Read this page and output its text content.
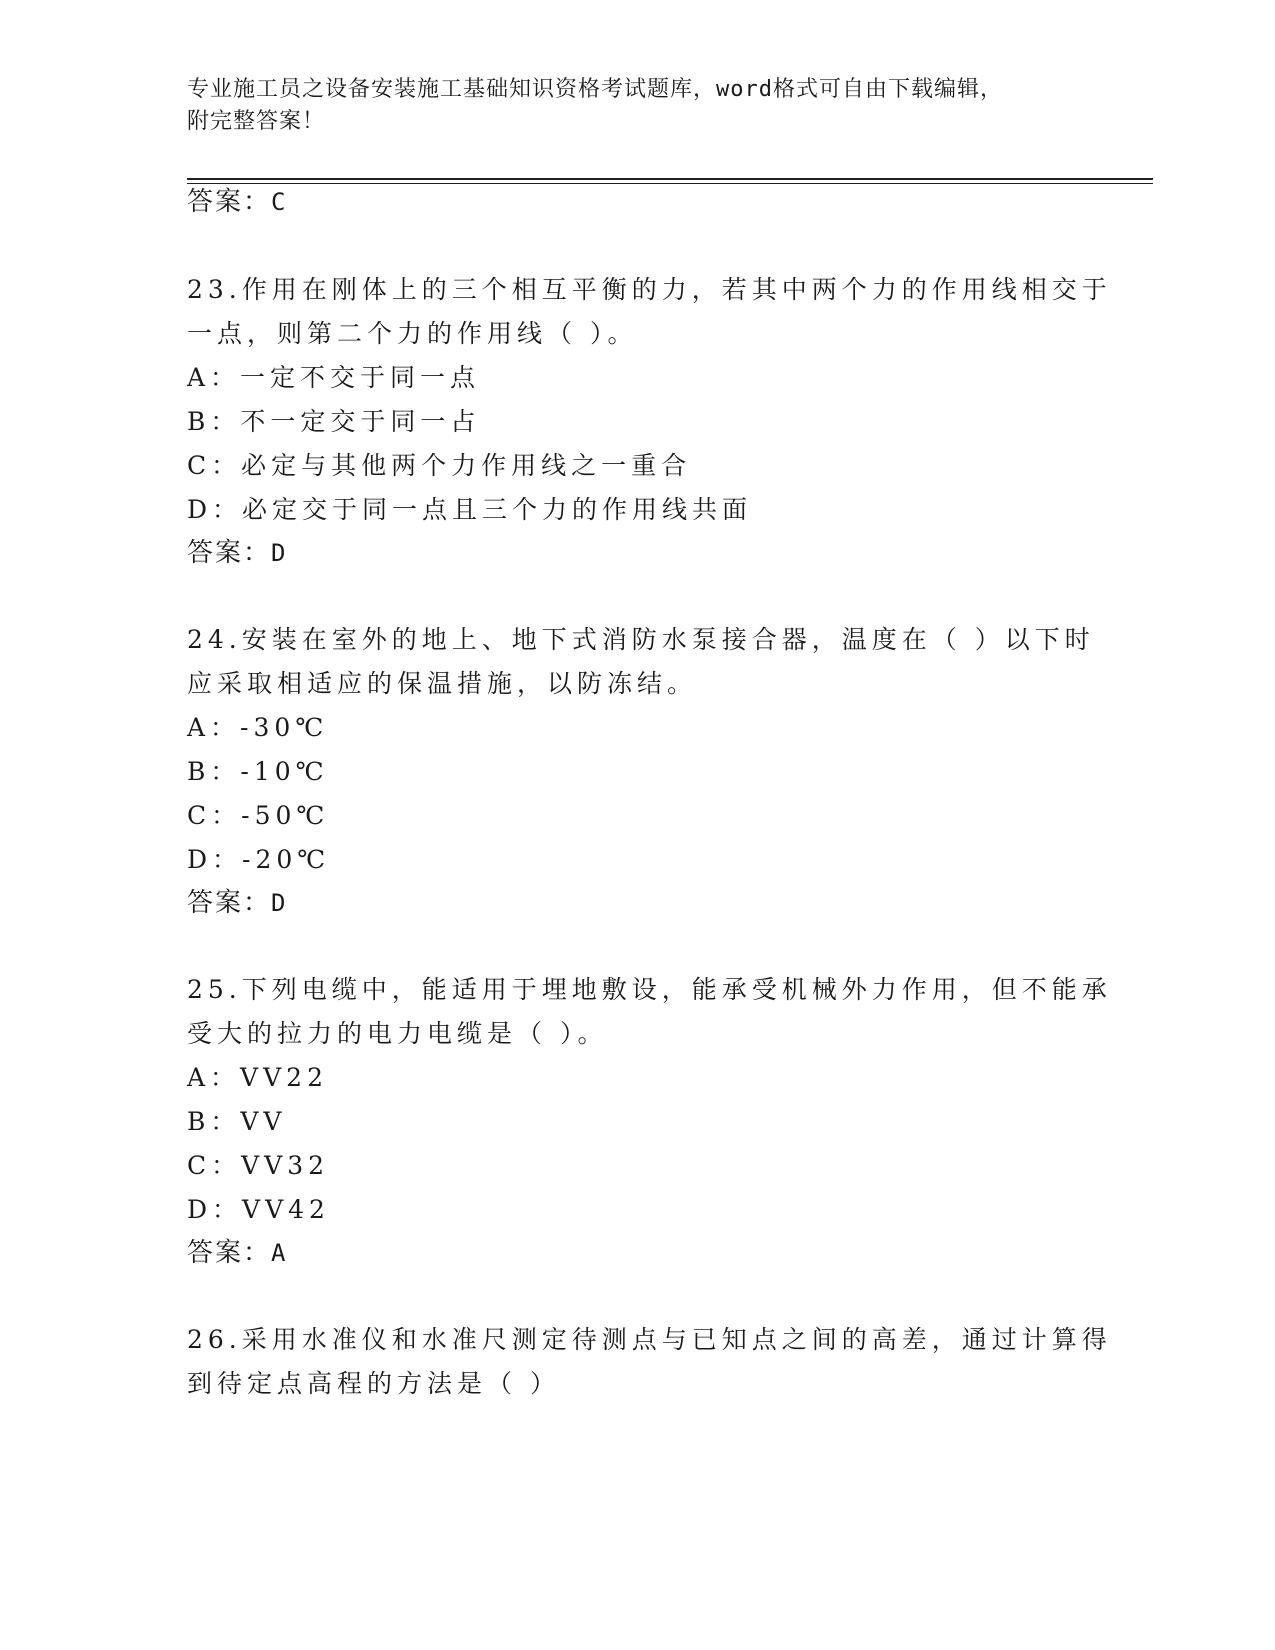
专业施工员之设备安装施工基础知识资格考试题库，word格式可自由下载编辑，
附完整答案！
答案：C
23.作用在刚体上的三个相互平衡的力，若其中两个力的作用线相交于
一点，则第二个力的作用线（ ）。
A：一定不交于同一点
B：不一定交于同一占
C：必定与其他两个力作用线之一重合
D：必定交于同一点且三个力的作用线共面
答案：D
24.安装在室外的地上、地下式消防水泵接合器，温度在（ ）以下时
应采取相适应的保温措施，以防冻结。
A：-30℃
B：-10℃
C：-50℃
D：-20℃
答案：D
25.下列电缆中，能适用于埋地敷设，能承受机械外力作用，但不能承
受大的拉力的电力电缆是（ ）。
A：VV22
B：VV
C：VV32
D：VV42
答案：A
26.采用水准仪和水准尺测定待测点与已知点之间的高差，通过计算得
到待定点高程的方法是（ ）
